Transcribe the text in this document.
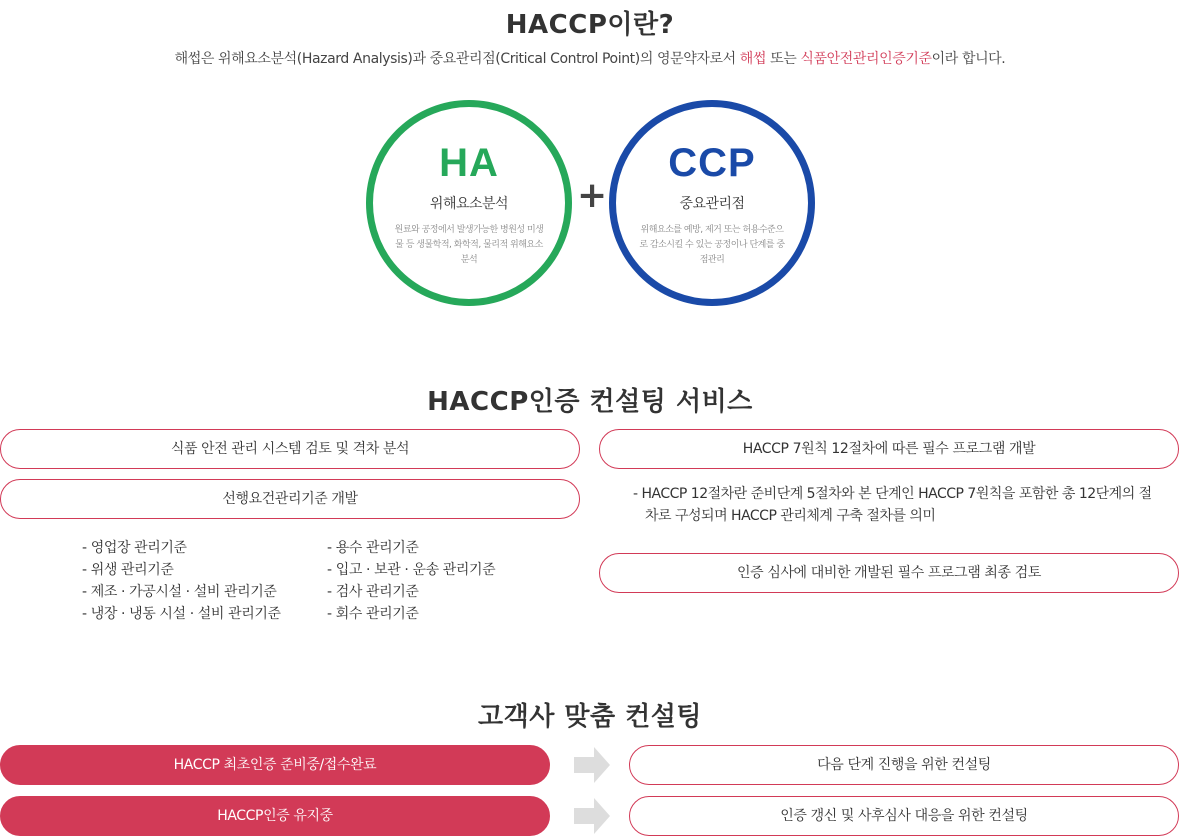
HACCP이란?

해썹은 위해요소분석(Hazard Analysis)과 중요관리점(Critical Control Point)의 영문약자로서 해썹 또는 식품안전관리인증기준이라 합니다.

HA
위해요소분석
원료와 공정에서 발생가능한 병원성 미생물 등 생물학적, 화학적, 물리적 위해요소 분석
+
CCP
중요관리점
위해요소를 예방, 제거 또는 허용수준으로 감소시킬 수 있는 공정이나 단계를 중점관리
HACCP인증 컨설팅 서비스
식품 안전 관리 시스템 검토 및 격차 분석
선행요건관리기준 개발
- 영업장 관리기준
- 위생 관리기준
- 제조 · 가공시설 · 설비 관리기준
- 냉장 · 냉동 시설 · 설비 관리기준
- 용수 관리기준
- 입고 · 보관 · 운송 관리기준
- 검사 관리기준
- 회수 관리기준
HACCP 7원칙 12절차에 따른 필수 프로그램 개발

- HACCP 12절차란 준비단계 5절차와 본 단계인 HACCP 7원칙을 포함한 총 12단계의 절차로 구성되며 HACCP 관리체계 구축 절차를 의미

인증 심사에 대비한 개발된 필수 프로그램 최종 검토
고객사 맞춤 컨설팅
HACCP 최초인증 준비중/접수완료	다음 단계 진행을 위한 컨설팅
HACCP인증 유지중	인증 갱신 및 사후심사 대응을 위한 컨설팅
